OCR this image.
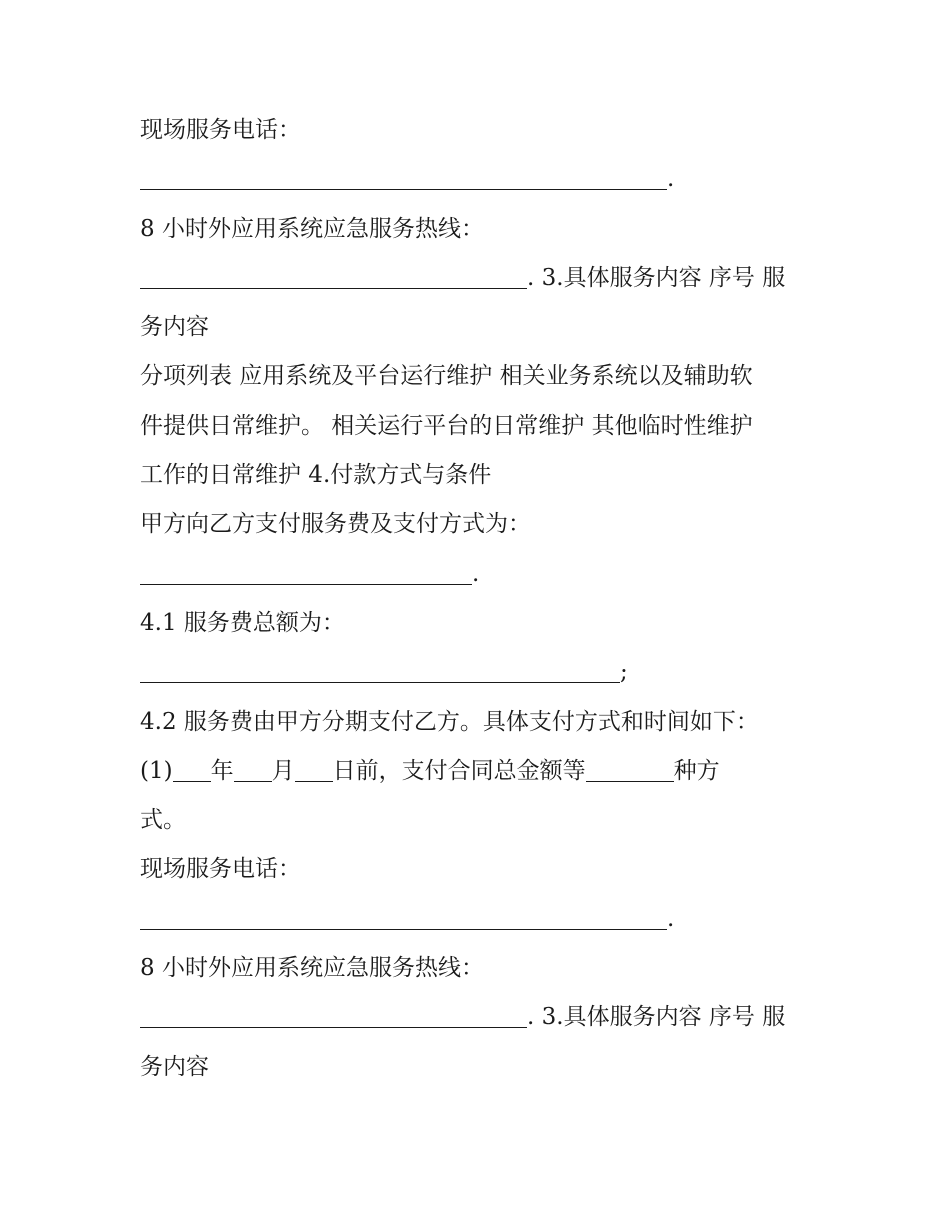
现场服务电话：
.
8 小时外应用系统应急服务热线：
. 3.具体服务内容 序号 服
务内容
分项列表 应用系统及平台运行维护 相关业务系统以及辅助软
件提供日常维护。 相关运行平台的日常维护 其他临时性维护
工作的日常维护 4.付款方式与条件
甲方向乙方支付服务费及支付方式为：
.
4.1 服务费总额为：
;
4.2 服务费由甲方分期支付乙方。具体支付方式和时间如下：
(1) 年 月 日前，支付合同总金额等	种方
式。
现场服务电话：
.
8 小时外应用系统应急服务热线：
. 3.具体服务内容 序号 服
务内容
